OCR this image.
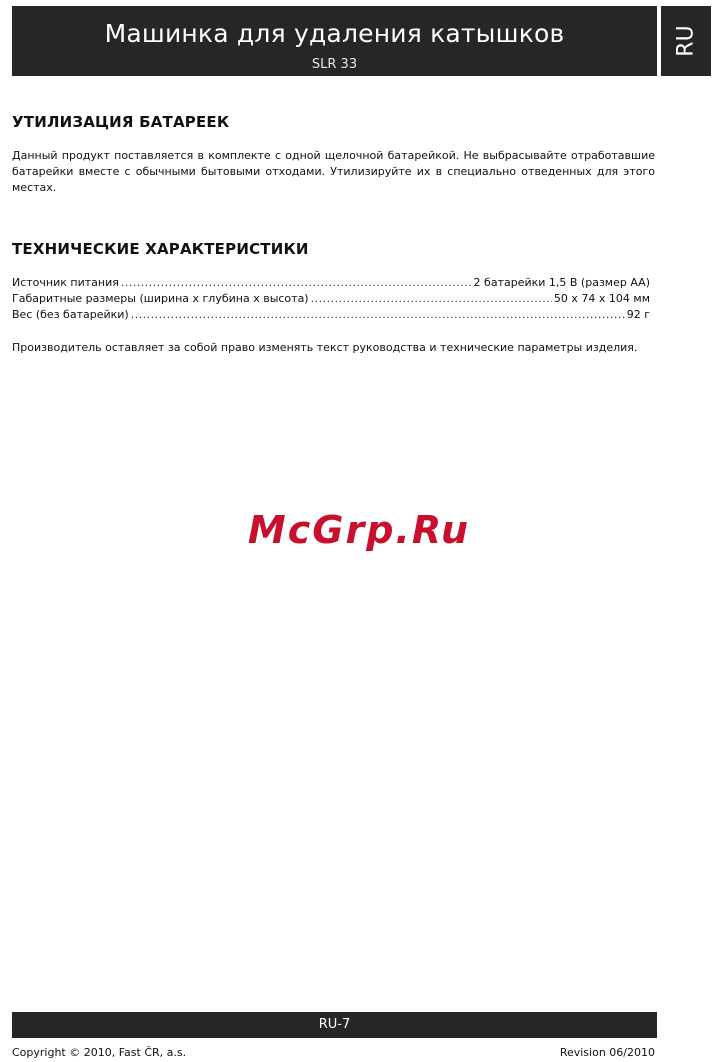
Машинка для удаления катышков
SLR 33
RU
УТИЛИЗАЦИЯ БАТАРЕЕК
Данный продукт поставляется в комплекте с одной щелочной батарейкой. Не выбрасывайте отработавшие батарейки вместе с обычными бытовыми отходами. Утилизируйте их в специально отведенных для этого местах.
ТЕХНИЧЕСКИЕ ХАРАКТЕРИСТИКИ
Источник питания . . .	2 батарейки 1,5 В (размер AA)
Габаритные размеры (ширина x глубина x высота) . . .	50 x 74 x 104 мм
Вес (без батарейки) . . .	92 г
Производитель оставляет за собой право изменять текст руководства и технические параметры изделия.
McGrp.Ru
RU-7
Copyright © 2010, Fast ČR, a.s.	Revision 06/2010
